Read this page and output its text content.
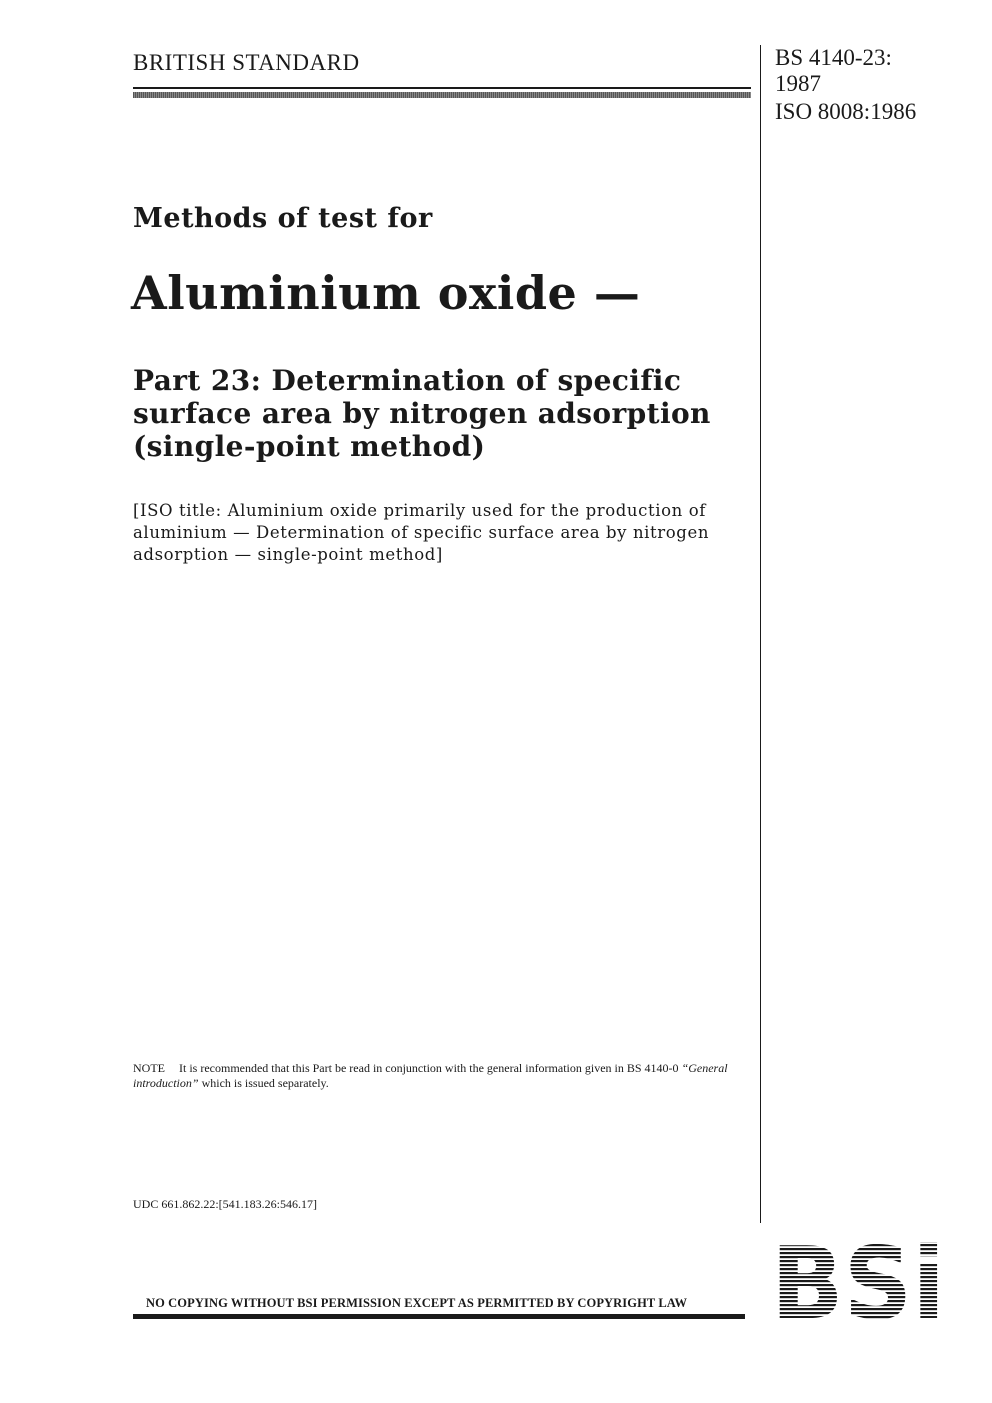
BRITISH STANDARD	BS 4140-23:
1987
ISO 8008:1986
Methods of test for
Aluminium oxide —
Part 23: Determination of specific
surface area by nitrogen adsorption
(single-point method)
[ISO title: Aluminium oxide primarily used for the production of
aluminium — Determination of specific surface area by nitrogen
adsorption — single-point method]
NOTE It is recommended that this Part be read in conjunction with the general information given in BS 4140-0 “General introduction” which is issued separately.
UDC 661.862.22:[541.183.26:546.17]
NO COPYING WITHOUT BSI PERMISSION EXCEPT AS PERMITTED BY COPYRIGHT LAW
